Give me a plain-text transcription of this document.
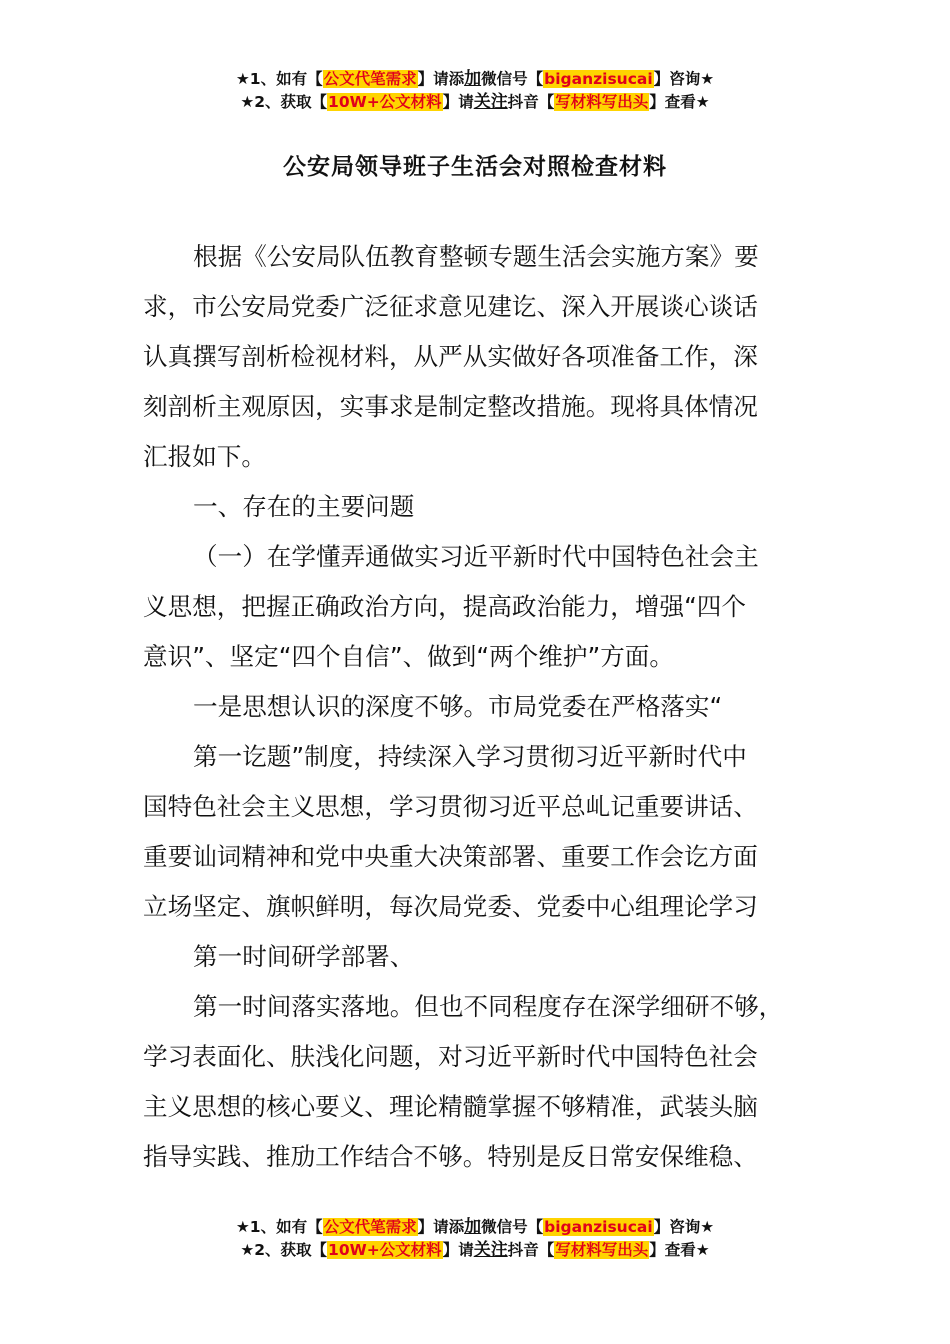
★1、如有【公文代笔需求】请添加微信号【biganzisucai】咨询★
★2、获取【10W+公文材料】请关注抖音【写材料写出头】查看★
公安局领导班子生活会对照检查材料
根据《公安局队伍教育整顿专题生活会实施方案》要
求，市公安局党委广泛征求意见建讫、深入开展谈心谈话
认真撰写剖析检视材料，从严从实做好各项准备工作，深
刻剖析主观原因，实事求是制定整改措施。现将具体情况
汇报如下。
一、存在的主要问题
（一）在学懂弄通做实习近平新时代中国特色社会主
义思想，把握正确政治方向，提高政治能力，增强“四个
意识”、坚定“四个自信”、做到“两个维护”方面。
一是思想认识的深度不够。市局党委在严格落实“
第一讫题”制度，持续深入学习贯彻习近平新时代中
国特色社会主义思想，学习贯彻习近平总乢记重要讲话、
重要讪词精神和党中央重大决策部署、重要工作会讫方面
立场坚定、旗帜鲜明，每次局党委、党委中心组理论学习
第一时间研学部署、
第一时间落实落地。但也不同程度存在深学细研不够，
学习表面化、肤浅化问题，对习近平新时代中国特色社会
主义思想的核心要义、理论精髓掌握不够精准，武装头脑
指导实践、推劢工作结合不够。特别是反日常安保维稳、
★1、如有【公文代笔需求】请添加微信号【biganzisucai】咨询★
★2、获取【10W+公文材料】请关注抖音【写材料写出头】查看★
